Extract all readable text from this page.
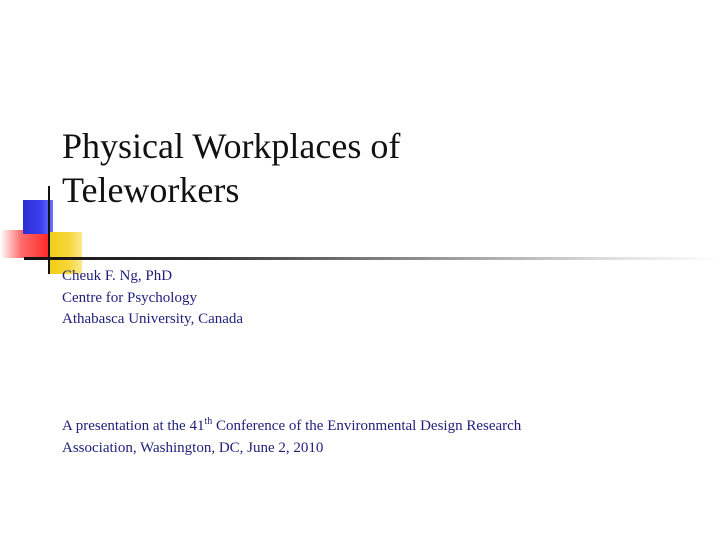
Physical Workplaces of
Teleworkers
Cheuk F. Ng, PhD
Centre for Psychology
Athabasca University, Canada
A presentation at the 41th Conference of the Environmental Design Research
Association, Washington, DC, June 2, 2010
